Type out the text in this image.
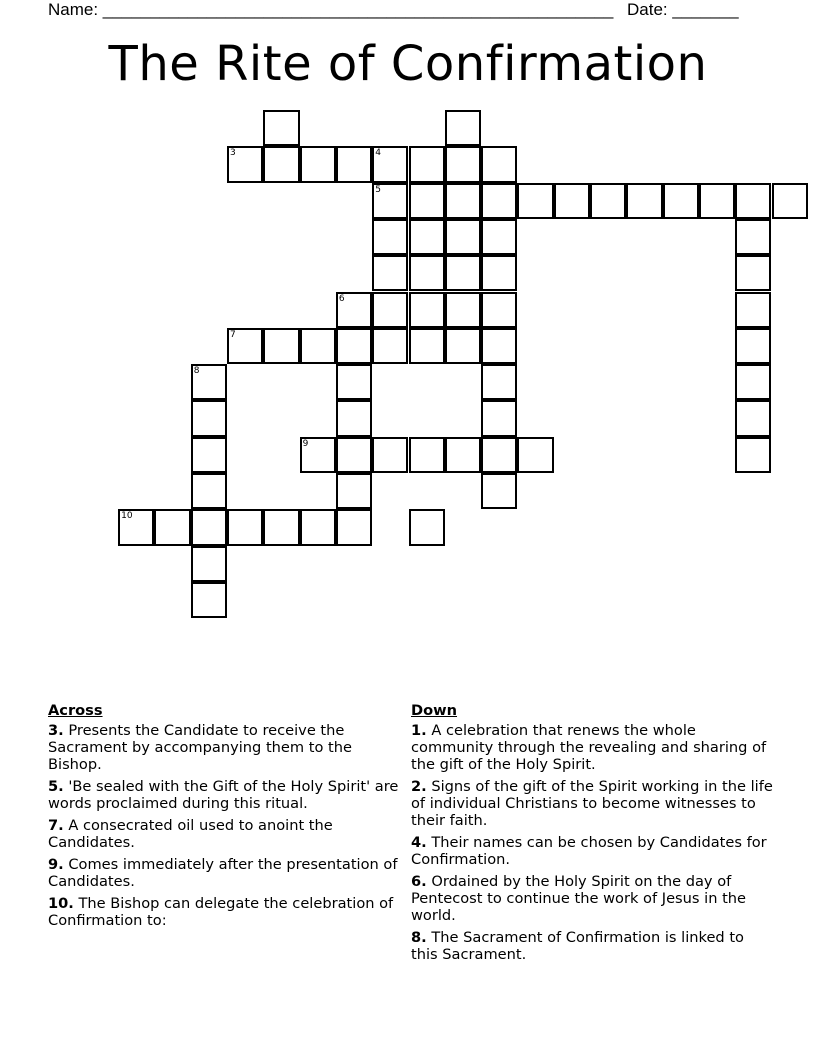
Name: ______________________________________________________ Date: _______
The Rite of Confirmation
3	4
5
6
7
8
9
10
Across
3. Presents the Candidate to receive the Sacrament by accompanying them to the Bishop.
5. 'Be sealed with the Gift of the Holy Spirit' are words proclaimed during this ritual.
7. A consecrated oil used to anoint the Candidates.
9. Comes immediately after the presentation of Candidates.
10. The Bishop can delegate the celebration of Confirmation to:
Down
1. A celebration that renews the whole community through the revealing and sharing of the gift of the Holy Spirit.
2. Signs of the gift of the Spirit working in the life of individual Christians to become witnesses to their faith.
4. Their names can be chosen by Candidates for Confirmation.
6. Ordained by the Holy Spirit on the day of Pentecost to continue the work of Jesus in the world.
8. The Sacrament of Confirmation is linked to this Sacrament.
